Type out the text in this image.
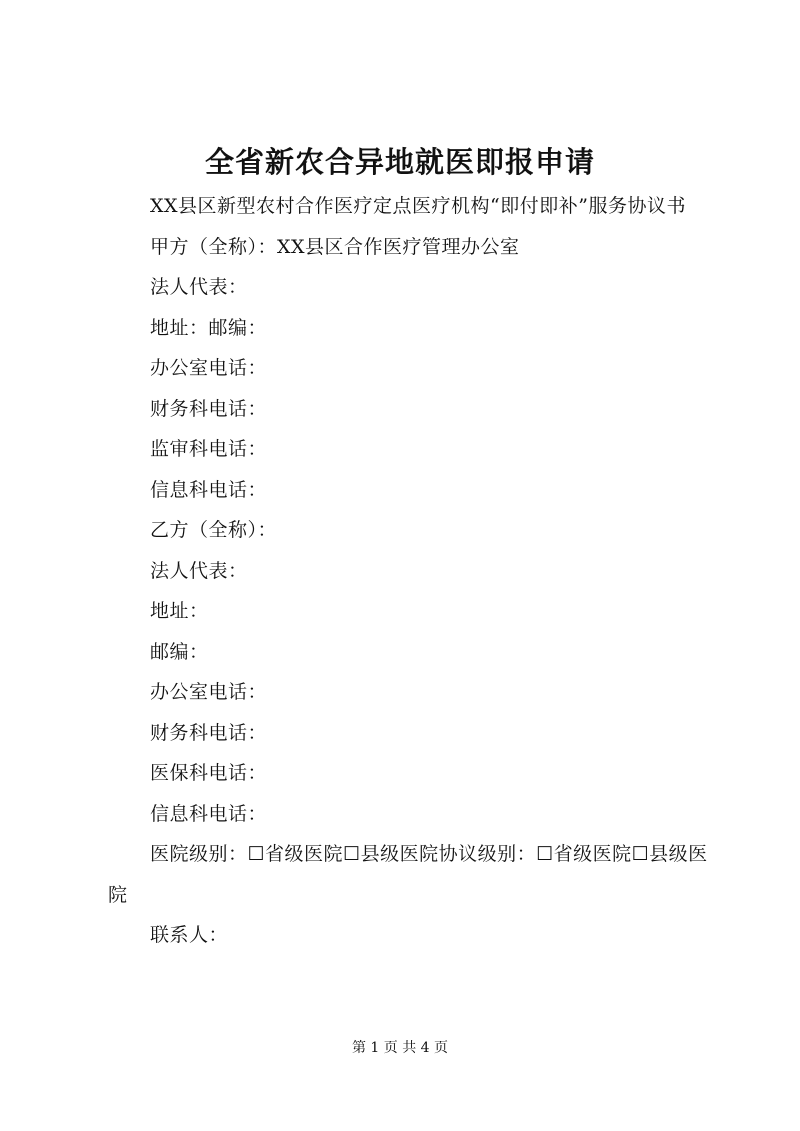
全省新农合异地就医即报申请

XX县区新型农村合作医疗定点医疗机构“即付即补”服务协议书

甲方（全称）：XX县区合作医疗管理办公室

法人代表：

地址：邮编：

办公室电话：

财务科电话：

监审科电话：

信息科电话：

乙方（全称）：

法人代表：

地址：

邮编：

办公室电话：

财务科电话：

医保科电话：

信息科电话：

医院级别：☐省级医院☐县级医院协议级别：☐省级医院☐县级医院

联系人：

第 1 页 共 4 页
